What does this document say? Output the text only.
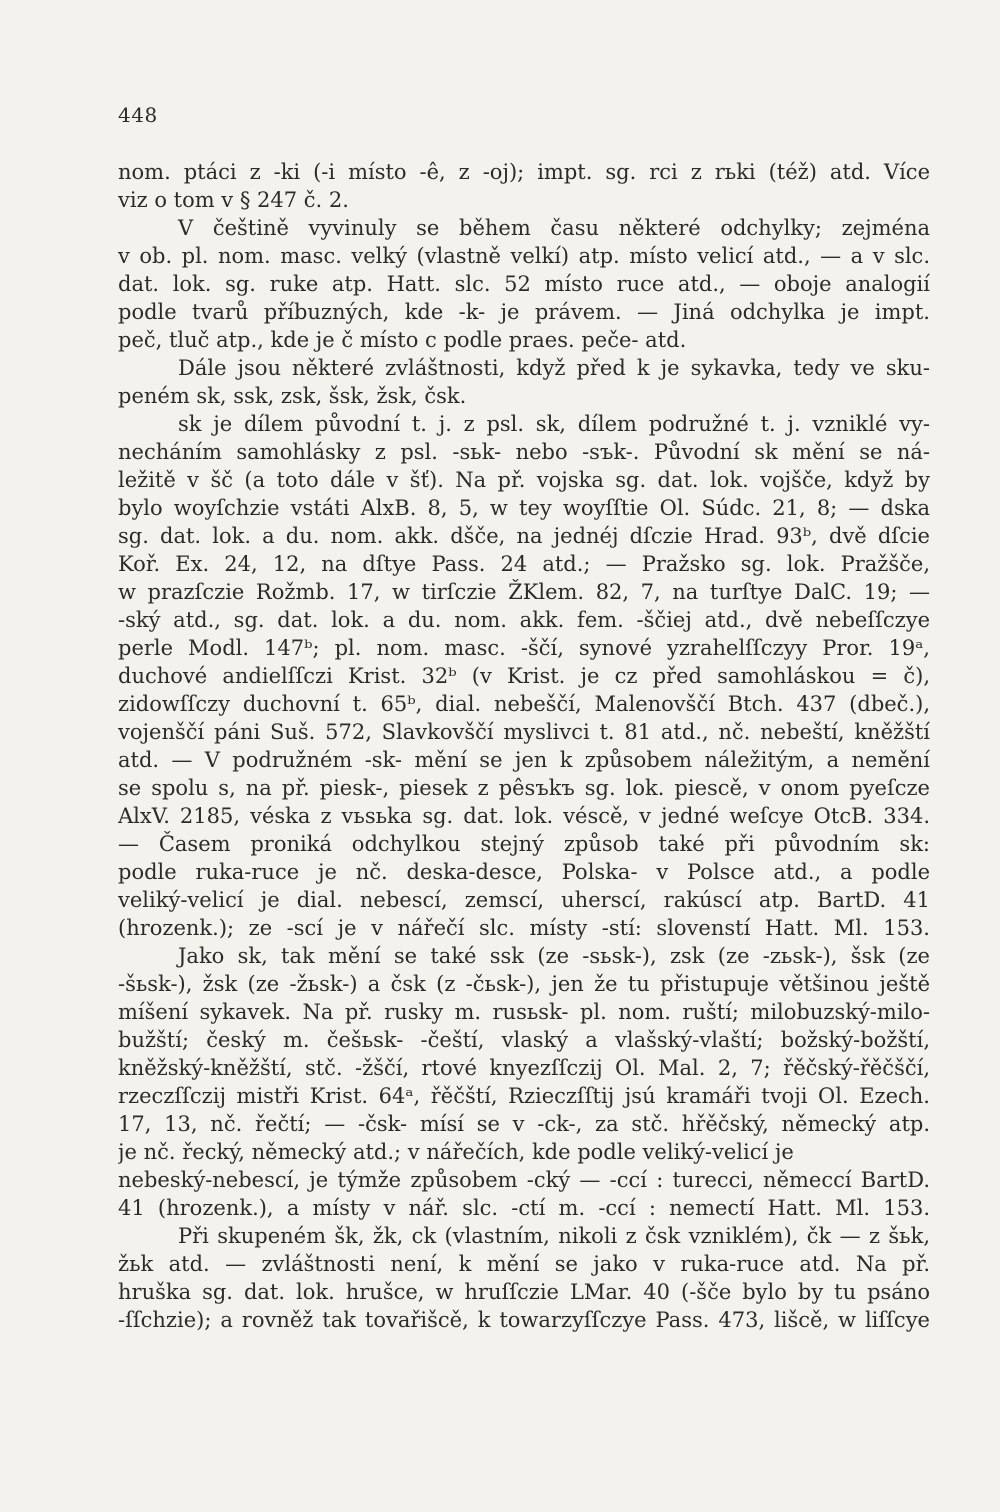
448
nom. ptáci z -ki (-i místo -ê, z -oj); impt. sg. rci z rьki (též) atd. Více
viz o tom v § 247 č. 2.
V češtině vyvinuly se během času některé odchylky; zejména
v ob. pl. nom. masc. velký (vlastně velkí) atp. místo velicí atd., — a v slc.
dat. lok. sg. ruke atp. Hatt. slc. 52 místo ruce atd., — oboje analogií
podle tvarů příbuzných, kde -k- je právem. — Jiná odchylka je impt.
peč, tluč atp., kde je č místo c podle praes. peče- atd.
Dále jsou některé zvláštnosti, když před k je sykavka, tedy ve sku-
peném sk, ssk, zsk, šsk, žsk, čsk.
sk je dílem původní t. j. z psl. sk, dílem podružné t. j. vzniklé vy-
necháním samohlásky z psl. -sьk- nebo -sъk-. Původní sk mění se ná-
ležitě v šč (a toto dále v šť). Na př. vojska sg. dat. lok. vojšče, když by
bylo woyſchzie vstáti AlxB. 8, 5, w tey woyſſtie Ol. Súdc. 21, 8; — dska
sg. dat. lok. a du. nom. akk. dšče, na jednéj dſczie Hrad. 93ᵇ, dvě dſcie
Koř. Ex. 24, 12, na dſtye Pass. 24 atd.; — Pražsko sg. lok. Pražšče,
w prazſczie Rožmb. 17, w tirſczie ŽKlem. 82, 7, na turſtye DalC. 19; —
-ský atd., sg. dat. lok. a du. nom. akk. fem. -ščiej atd., dvě nebeſſczye
perle Modl. 147ᵇ; pl. nom. masc. -ščí, synové yzrahelſſczyy Pror. 19ᵃ,
duchové andielſſczi Krist. 32ᵇ (v Krist. je cz před samohláskou = č),
zidowſſczy duchovní t. 65ᵇ, dial. nebeščí, Malenovščí Btch. 437 (dbeč.),
vojenščí páni Suš. 572, Slavkovščí myslivci t. 81 atd., nč. nebeští, kněžští
atd. — V podružném -sk- mění se jen k způsobem náležitým, a nemění
se spolu s, na př. piesk-, piesek z pêsъkъ sg. lok. piescě, v onom pyeſcze
AlxV. 2185, véska z vьsьka sg. dat. lok. véscě, v jedné weſcye OtcB. 334.
— Časem proniká odchylkou stejný způsob také při původním sk:
podle ruka-ruce je nč. deska-desce, Polska- v Polsce atd., a podle
veliký-velicí je dial. nebescí, zemscí, uherscí, rakúscí atp. BartD. 41
(hrozenk.); ze -scí je v nářečí slc. místy -stí: slovenstí Hatt. Ml. 153.
Jako sk, tak mění se také ssk (ze -sьsk-), zsk (ze -zьsk-), šsk (ze
-šьsk-), žsk (ze -žьsk-) a čsk (z -čьsk-), jen že tu přistupuje většinou ještě
míšení sykavek. Na př. rusky m. rusьsk- pl. nom. ruští; milobuzský-milo-
bužští; český m. češьsk- -čeští, vlaský a vlašský-vlaští; božský-božští,
kněžský-kněžští, stč. -žščí, rtové knyezſſczij Ol. Mal. 2, 7; řěčský-řěčščí,
rzeczſſczij mistři Krist. 64ᵃ, řěčští, Rzieczſſtij jsú kramáři tvoji Ol. Ezech.
17, 13, nč. řečtí; — -čsk- mísí se v -ck-, za stč. hřěčský, německý atp.
je nč. řecký, německý atd.; v nářečích, kde podle veliký-velicí je
nebeský-nebescí, je týmže způsobem -cký — -ccí : turecci, němeccí BartD.
41 (hrozenk.), a místy v nář. slc. -ctí m. -ccí : nemectí Hatt. Ml. 153.
Při skupeném šk, žk, ck (vlastním, nikoli z čsk vzniklém), čk — z šьk,
žьk atd. — zvláštnosti není, k mění se jako v ruka-ruce atd. Na př.
hruška sg. dat. lok. hrušce, w hruſſczie LMar. 40 (-šče bylo by tu psáno
-ſſchzie); a rovněž tak tovařišcě, k towarzyſſczye Pass. 473, lišcě, w liſſcye
